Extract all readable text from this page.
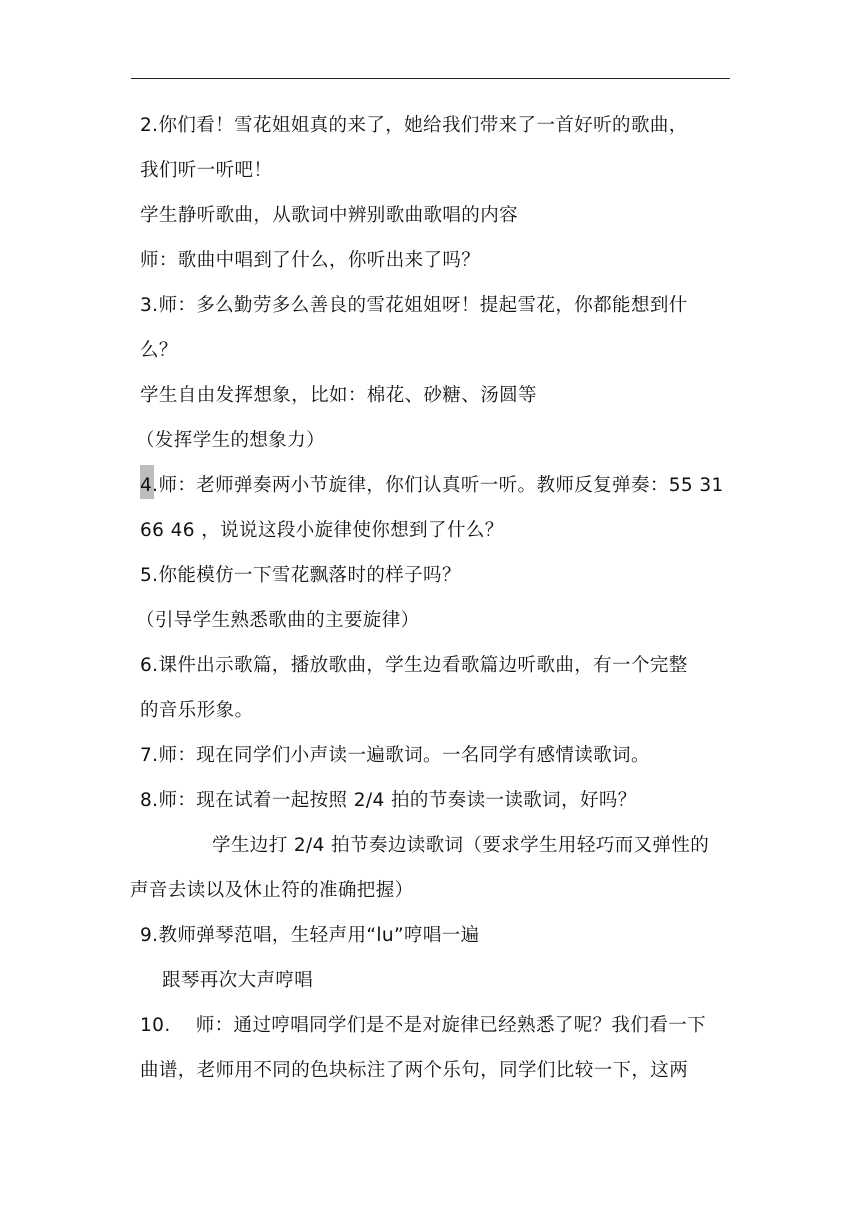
2.你们看！雪花姐姐真的来了，她给我们带来了一首好听的歌曲，
我们听一听吧！
学生静听歌曲，从歌词中辨别歌曲歌唱的内容
师：歌曲中唱到了什么，你听出来了吗？
3.师：多么勤劳多么善良的雪花姐姐呀！提起雪花，你都能想到什
么？
学生自由发挥想象，比如：棉花、砂糖、汤圆等
（发挥学生的想象力）
4.师：老师弹奏两小节旋律，你们认真听一听。教师反复弹奏：55 31
66 46 ，说说这段小旋律使你想到了什么？
5.你能模仿一下雪花飘落时的样子吗？
（引导学生熟悉歌曲的主要旋律）
6.课件出示歌篇，播放歌曲，学生边看歌篇边听歌曲，有一个完整
的音乐形象。
7.师：现在同学们小声读一遍歌词。一名同学有感情读歌词。
8.师：现在试着一起按照 2/4 拍的节奏读一读歌词，好吗？
学生边打 2/4 拍节奏边读歌词（要求学生用轻巧而又弹性的
声音去读以及休止符的准确把握）
9.教师弹琴范唱，生轻声用“lu”哼唱一遍
跟琴再次大声哼唱
10.    师：通过哼唱同学们是不是对旋律已经熟悉了呢？我们看一下
曲谱，老师用不同的色块标注了两个乐句，同学们比较一下，这两
